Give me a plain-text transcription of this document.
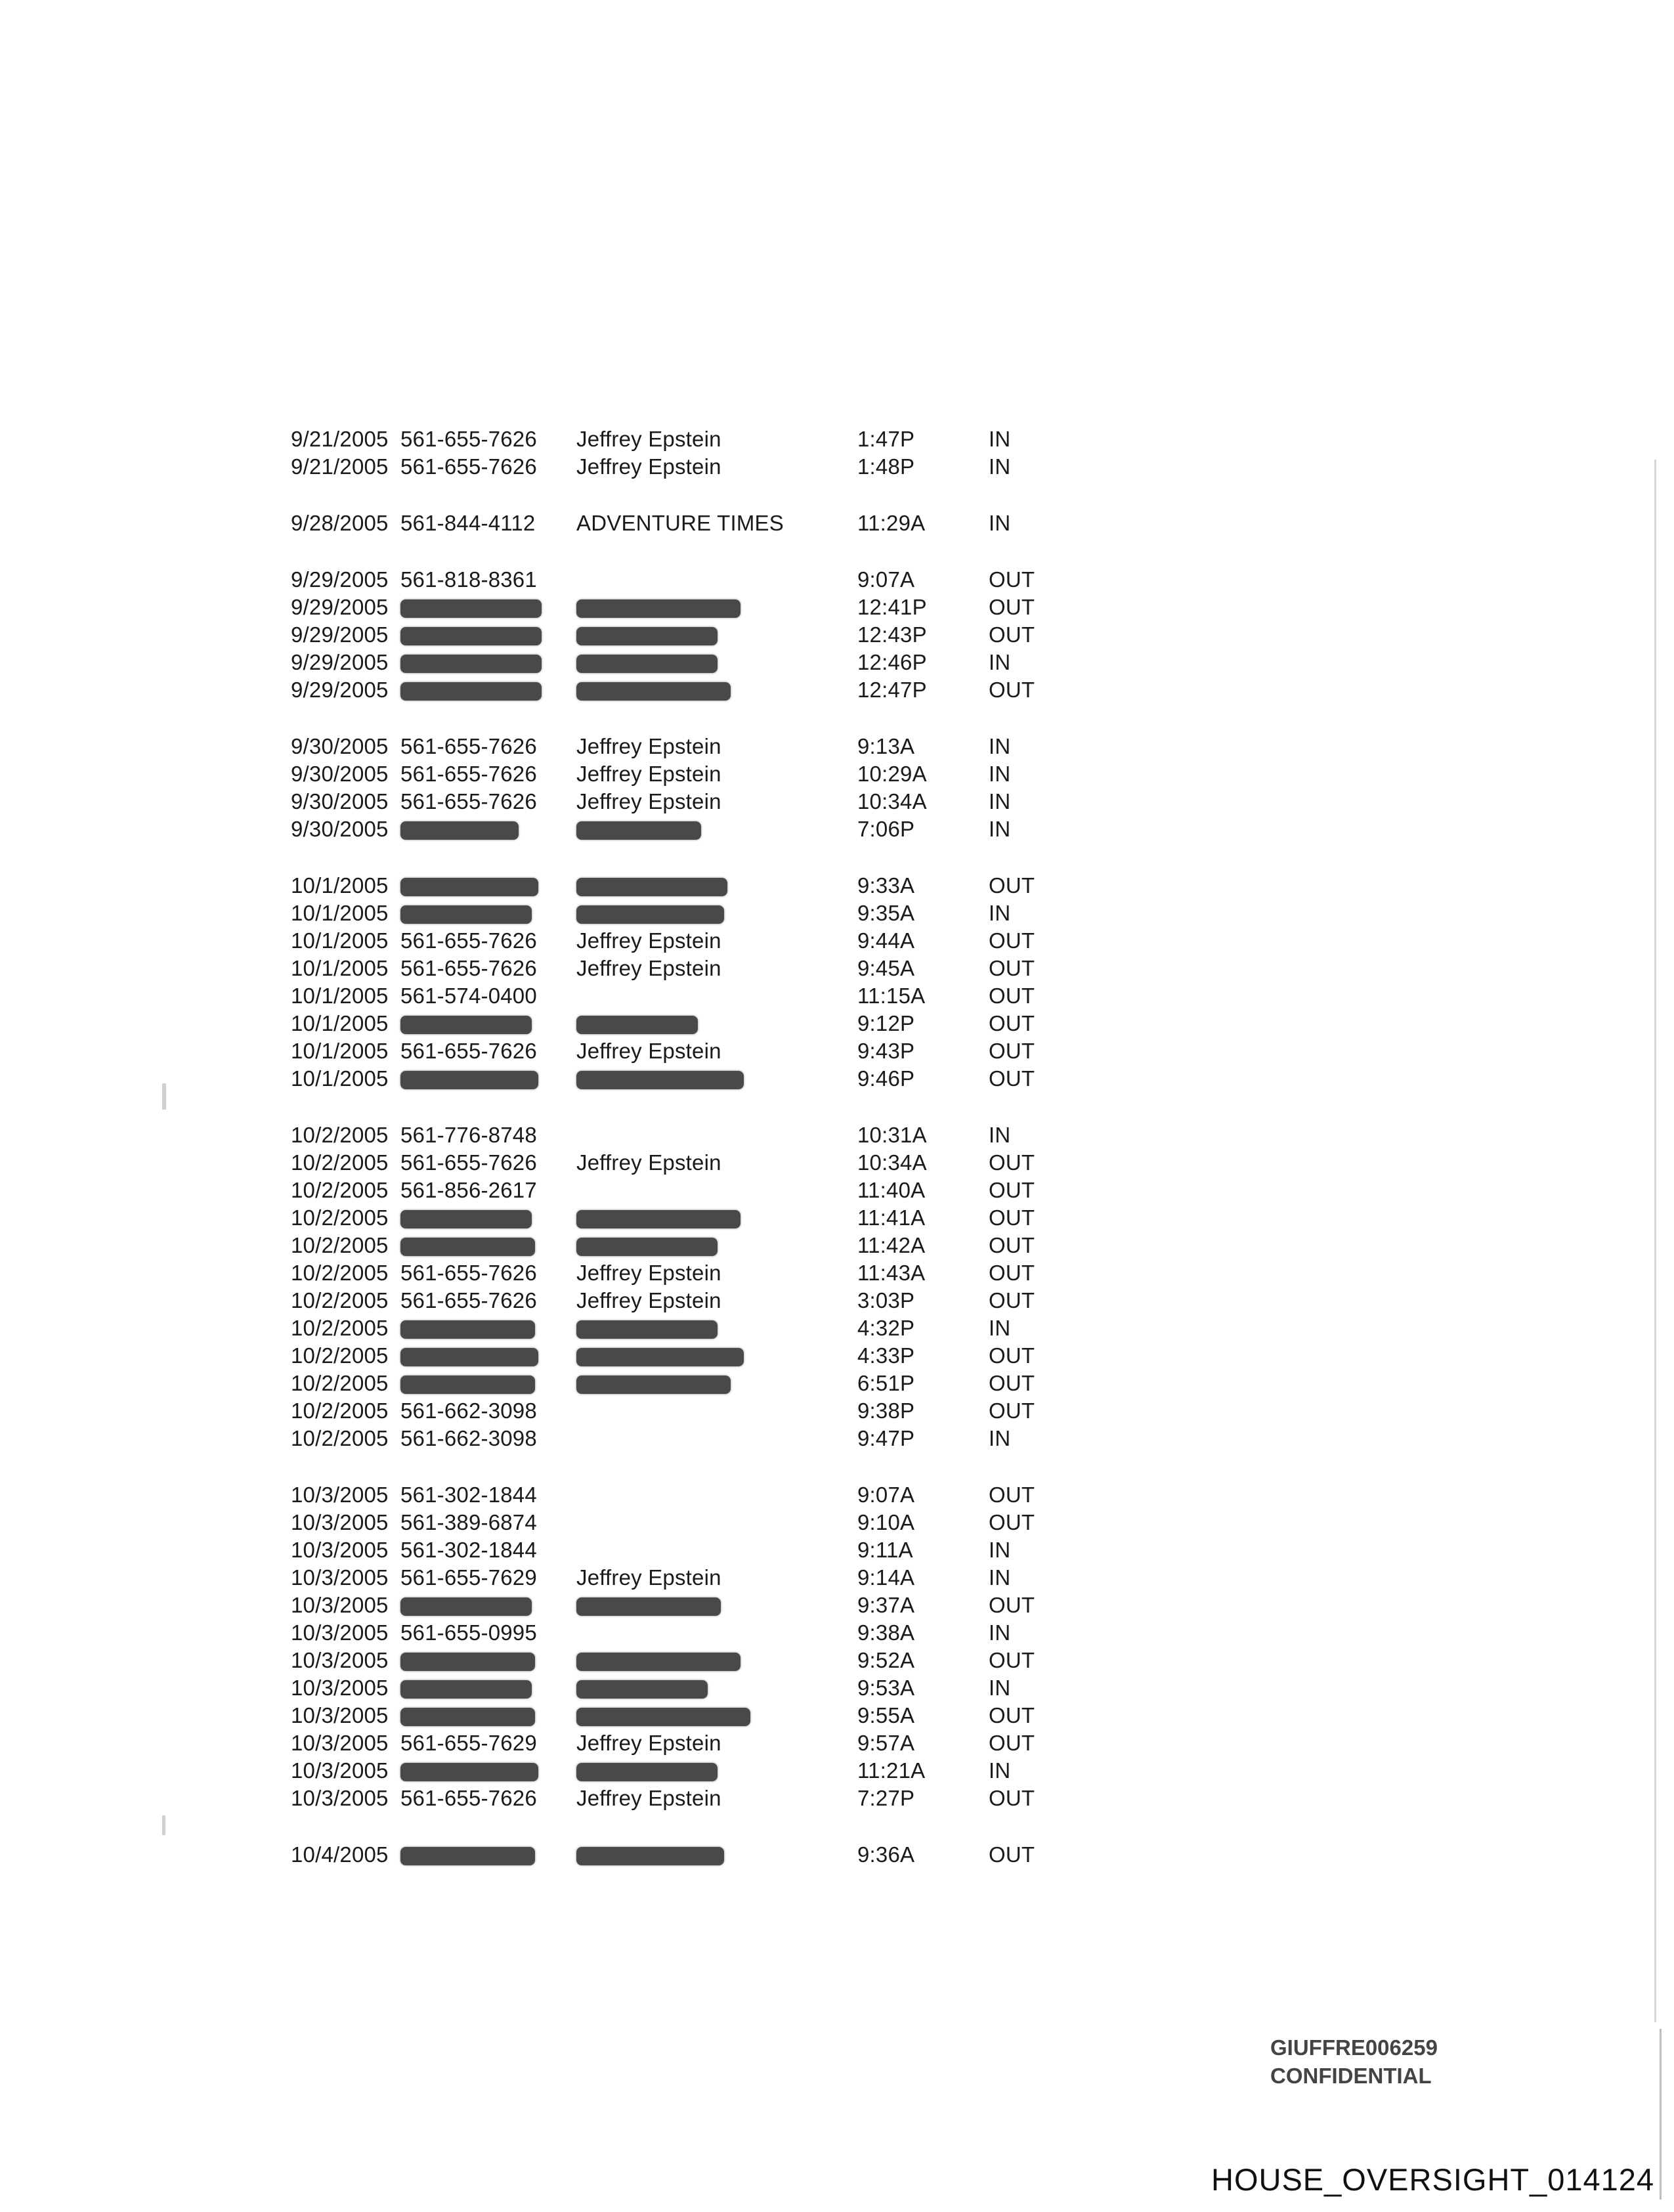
9/21/2005 561-655-7626 Jeffrey Epstein	1:47P	IN
9/21/2005 561-655-7626 Jeffrey Epstein	1:48P	IN
9/28/2005 561-844-4112 ADVENTURE TIMES	11:29A	IN
9/29/2005 561-818-8361	9:07A	OUT
9/29/2005	12:41P	OUT
9/29/2005	12:43P	OUT
9/29/2005	12:46P	IN
9/29/2005	12:47P	OUT
9/30/2005 561-655-7626 Jeffrey Epstein	9:13A	IN
9/30/2005 561-655-7626 Jeffrey Epstein	10:29A	IN
9/30/2005 561-655-7626 Jeffrey Epstein	10:34A	IN
9/30/2005	7:06P	IN
10/1/2005	9:33A	OUT
10/1/2005	9:35A	IN
10/1/2005 561-655-7626 Jeffrey Epstein	9:44A	OUT
10/1/2005 561-655-7626 Jeffrey Epstein	9:45A	OUT
10/1/2005 561-574-0400	11:15A	OUT
10/1/2005	9:12P	OUT
10/1/2005 561-655-7626 Jeffrey Epstein	9:43P	OUT
10/1/2005	9:46P	OUT
10/2/2005 561-776-8748	10:31A	IN
10/2/2005 561-655-7626 Jeffrey Epstein	10:34A	OUT
10/2/2005 561-856-2617	11:40A	OUT
10/2/2005	11:41A	OUT
10/2/2005	11:42A	OUT
10/2/2005 561-655-7626 Jeffrey Epstein	11:43A	OUT
10/2/2005 561-655-7626 Jeffrey Epstein	3:03P	OUT
10/2/2005	4:32P	IN
10/2/2005	4:33P	OUT
10/2/2005	6:51P	OUT
10/2/2005 561-662-3098	9:38P	OUT
10/2/2005 561-662-3098	9:47P	IN
10/3/2005 561-302-1844	9:07A	OUT
10/3/2005 561-389-6874	9:10A	OUT
10/3/2005 561-302-1844	9:11A	IN
10/3/2005 561-655-7629 Jeffrey Epstein	9:14A	IN
10/3/2005	9:37A	OUT
10/3/2005 561-655-0995	9:38A	IN
10/3/2005	9:52A	OUT
10/3/2005	9:53A	IN
10/3/2005	9:55A	OUT
10/3/2005 561-655-7629 Jeffrey Epstein	9:57A	OUT
10/3/2005	11:21A	IN
10/3/2005 561-655-7626 Jeffrey Epstein	7:27P	OUT
10/4/2005	9:36A	OUT
GIUFFRE006259
CONFIDENTIAL
HOUSE_OVERSIGHT_014124
